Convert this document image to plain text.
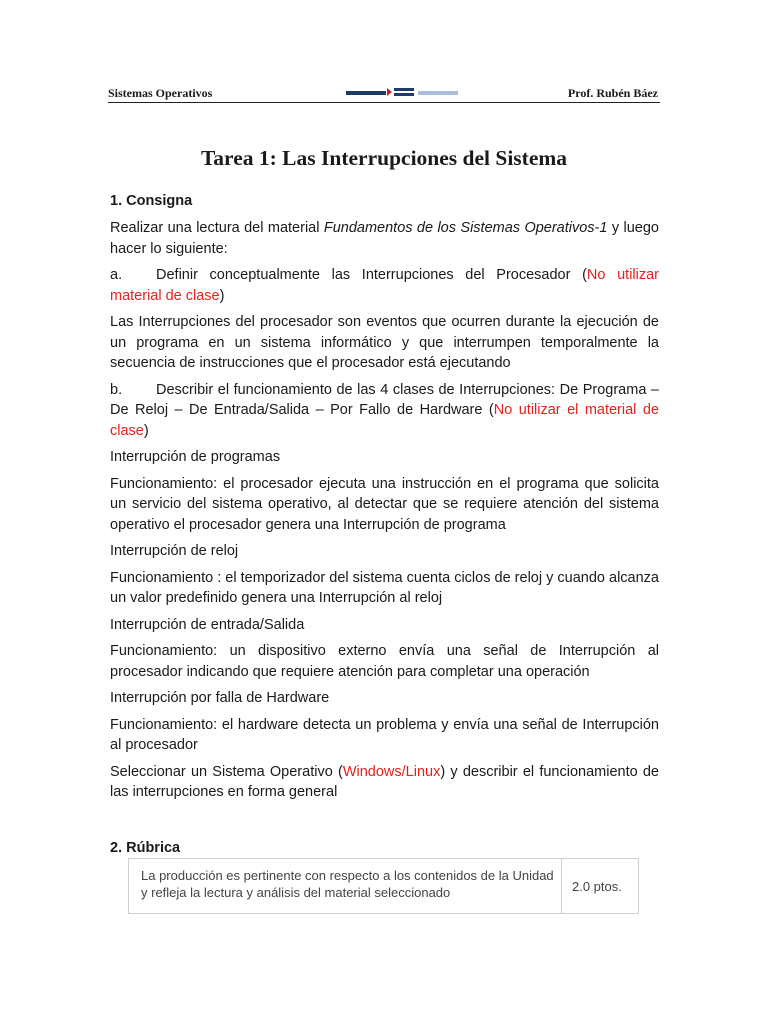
Sistemas Operativos	Prof. Rubén Báez
Tarea 1: Las Interrupciones del Sistema
1. Consigna

Realizar una lectura del material Fundamentos de los Sistemas Operativos-1 y luego hacer lo siguiente:

a. Definir conceptualmente las Interrupciones del Procesador (No utilizar material de clase)

Las Interrupciones del procesador son eventos que ocurren durante la ejecución de un programa en un sistema informático y que interrumpen temporalmente la secuencia de instrucciones que el procesador está ejecutando

b. Describir el funcionamiento de las 4 clases de Interrupciones: De Programa – De Reloj – De Entrada/Salida – Por Fallo de Hardware (No utilizar el material de clase)

Interrupción de programas

Funcionamiento: el procesador ejecuta una instrucción en el programa que solicita un servicio del sistema operativo, al detectar que se requiere atención del sistema operativo el procesador genera una Interrupción de programa

Interrupción de reloj

Funcionamiento : el temporizador del sistema cuenta ciclos de reloj y cuando alcanza un valor predefinido genera una Interrupción al reloj

Interrupción de entrada/Salida

Funcionamiento: un dispositivo externo envía una señal de Interrupción al procesador indicando que requiere atención para completar una operación

Interrupción por falla de Hardware

Funcionamiento: el hardware detecta un problema y envía una señal de Interrupción al procesador

Seleccionar un Sistema Operativo (Windows/Linux) y describir el funcionamiento de las interrupciones en forma general

2. Rúbrica
La producción es pertinente con respecto a los contenidos de la Unidad y refleja la lectura y análisis del material seleccionado	2.0 ptos.
